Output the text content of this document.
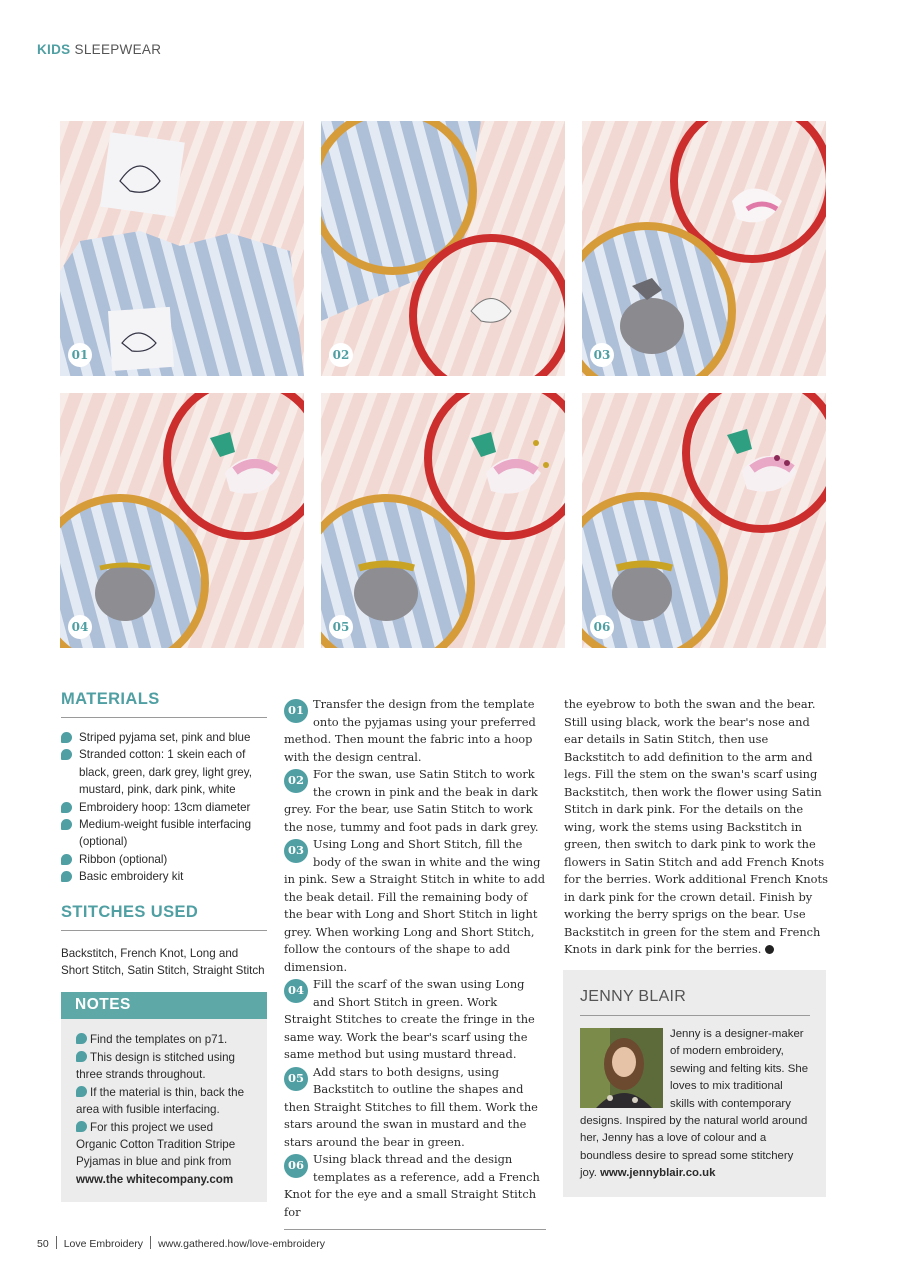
KIDS SLEEPWEAR
01	02	03
04	05	06
MATERIALS
Striped pyjama set, pink and blue
Stranded cotton: 1 skein each of black, green, dark grey, light grey, mustard, pink, dark pink, white
Embroidery hoop: 13cm diameter
Medium-weight fusible interfacing (optional)
Ribbon (optional)
Basic embroidery kit
STITCHES USED
Backstitch, French Knot, Long and Short Stitch, Satin Stitch, Straight Stitch
NOTES
Find the templates on p71.
This design is stitched using three strands throughout.
If the material is thin, back the area with fusible interfacing.
For this project we used Organic Cotton Tradition Stripe Pyjamas in blue and pink from www.the whitecompany.com
01 Transfer the design from the template onto the pyjamas using your preferred method. Then mount the fabric into a hoop with the design central.
02 For the swan, use Satin Stitch to work the crown in pink and the beak in dark grey. For the bear, use Satin Stitch to work the nose, tummy and foot pads in dark grey.
03 Using Long and Short Stitch, fill the body of the swan in white and the wing in pink. Sew a Straight Stitch in white to add the beak detail. Fill the remaining body of the bear with Long and Short Stitch in light grey. When working Long and Short Stitch, follow the contours of the shape to add dimension.
04 Fill the scarf of the swan using Long and Short Stitch in green. Work Straight Stitches to create the fringe in the same way. Work the bear's scarf using the same method but using mustard thread.
05 Add stars to both designs, using Backstitch to outline the shapes and then Straight Stitches to fill them. Work the stars around the swan in mustard and the stars around the bear in green.
06 Using black thread and the design templates as a reference, add a French Knot for the eye and a small Straight Stitch for
the eyebrow to both the swan and the bear. Still using black, work the bear's nose and ear details in Satin Stitch, then use Backstitch to add definition to the arm and legs. Fill the stem on the swan's scarf using Backstitch, then work the flower using Satin Stitch in dark pink. For the details on the wing, work the stems using Backstitch in green, then switch to dark pink to work the flowers in Satin Stitch and add French Knots for the berries. Work additional French Knots in dark pink for the crown detail. Finish by working the berry sprigs on the bear. Use Backstitch in green for the stem and French Knots in dark pink for the berries.
JENNY BLAIR
Jenny is a designer-maker of modern embroidery, sewing and felting kits. She loves to mix traditional skills with contemporary designs. Inspired by the natural world around her, Jenny has a love of colour and a boundless desire to spread some stitchery joy. www.jennyblair.co.uk
50 Love Embroidery www.gathered.how/love-embroidery
